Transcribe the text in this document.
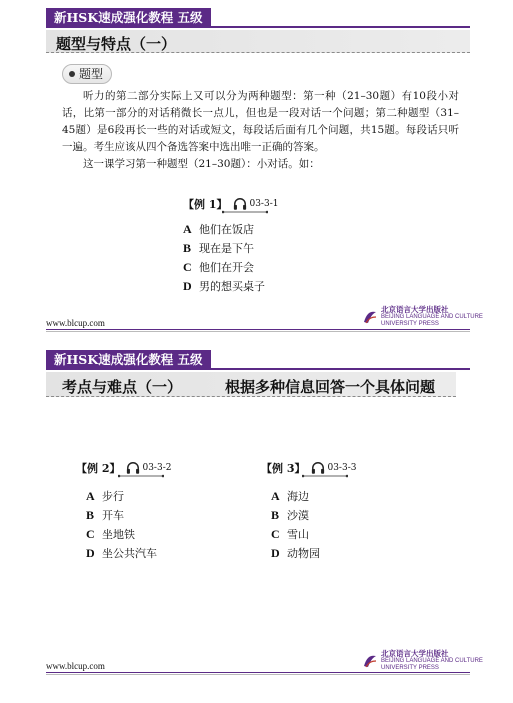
新HSK速成强化教程 五级
题型与特点（一）
题型

听力的第二部分实际上又可以分为两种题型：第一种（21–30题）有10段小对话，比第一部分的对话稍微长一点儿，但也是一段对话一个问题；第二种题型（31–45题）是6段再长一些的对话或短文，每段话后面有几个问题，共15题。每段话只听一遍。考生应该从四个备选答案中选出唯一正确的答案。

这一课学习第一种题型（21–30题）：小对话。如：

【例 1】 03-3-1
A 他们在饭店
B 现在是下午
C 他们在开会
D 男的想买桌子
www.blcup.com
北京语言大学出版社
BEIJING LANGUAGE AND CULTURE
UNIVERSITY PRESS
新HSK速成强化教程 五级
考点与难点（一）	根据多种信息回答一个具体问题
【例 2】 03-3-2
A 步行
B 开车
C 坐地铁
D 坐公共汽车
【例 3】 03-3-3
A 海边
B 沙漠
C 雪山
D 动物园
www.blcup.com
北京语言大学出版社
BEIJING LANGUAGE AND CULTURE
UNIVERSITY PRESS
